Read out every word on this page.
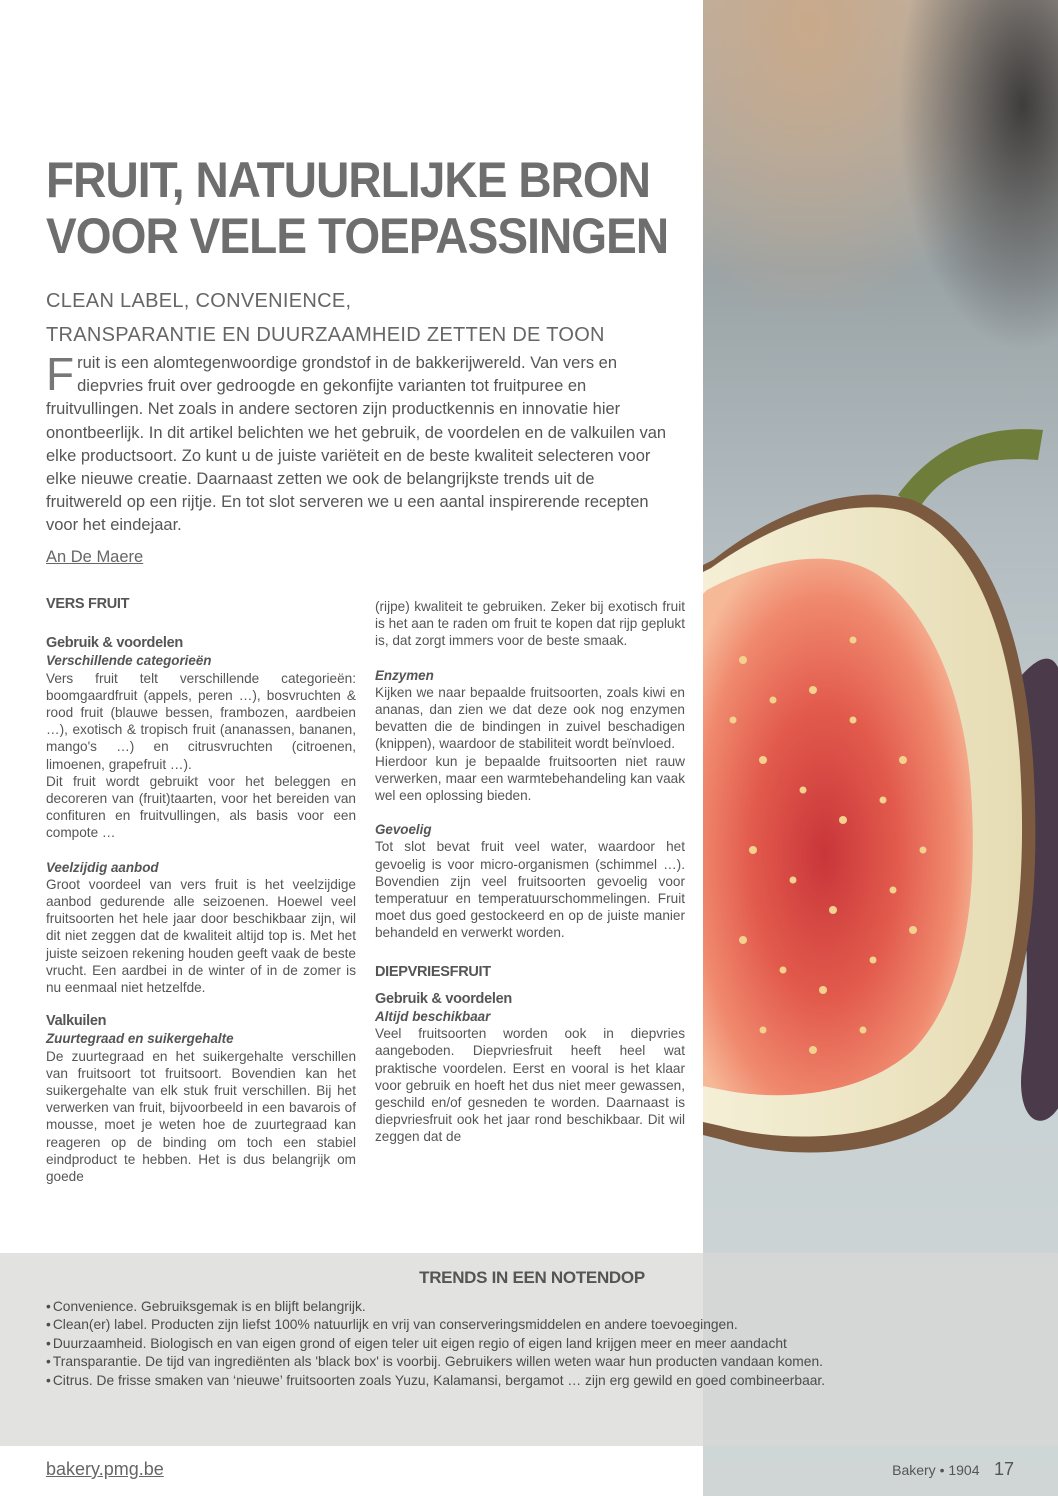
FRUIT, NATUURLIJKE BRON
VOOR VELE TOEPASSINGEN
CLEAN LABEL, CONVENIENCE,
TRANSPARANTIE EN DUURZAAMHEID ZETTEN DE TOON
F ruit is een alomtegenwoordige grondstof in de bakkerijwereld. Van vers en diepvries fruit over gedroogde en gekonfijte varianten tot fruitpuree en fruitvullingen. Net zoals in andere sectoren zijn productkennis en innovatie hier onontbeerlijk. In dit artikel belichten we het gebruik, de voordelen en de valkuilen van elke productsoort. Zo kunt u de juiste variëteit en de beste kwaliteit selecteren voor elke nieuwe creatie. Daarnaast zetten we ook de belangrijkste trends uit de fruitwereld op een rijtje. En tot slot serveren we u een aantal inspirerende recepten voor het eindejaar.
An De Maere
VERS FRUIT
Gebruik & voordelen
Verschillende categorieën

Vers fruit telt verschillende categorieën: boomgaardfruit (appels, peren …), bosvruchten & rood fruit (blauwe bessen, frambozen, aardbeien …), exotisch & tropisch fruit (ananassen, bananen, mango's …) en citrusvruchten (citroenen, limoenen, grapefruit …).

Dit fruit wordt gebruikt voor het beleggen en decoreren van (fruit)taarten, voor het bereiden van confituren en fruitvullingen, als basis voor een compote …

Veelzijdig aanbod

Groot voordeel van vers fruit is het veelzijdige aanbod gedurende alle seizoenen. Hoewel veel fruitsoorten het hele jaar door beschikbaar zijn, wil dit niet zeggen dat de kwaliteit altijd top is. Met het juiste seizoen rekening houden geeft vaak de beste vrucht. Een aardbei in de winter of in de zomer is nu eenmaal niet hetzelfde.

Valkuilen
Zuurtegraad en suikergehalte

De zuurtegraad en het suikergehalte verschillen van fruitsoort tot fruitsoort. Bovendien kan het suikergehalte van elk stuk fruit verschillen. Bij het verwerken van fruit, bijvoorbeeld in een bavarois of mousse, moet je weten hoe de zuurtegraad kan reageren op de binding om toch een stabiel eindproduct te hebben. Het is dus belangrijk om goede

(rijpe) kwaliteit te gebruiken. Zeker bij exotisch fruit is het aan te raden om fruit te kopen dat rijp geplukt is, dat zorgt immers voor de beste smaak.

Enzymen

Kijken we naar bepaalde fruitsoorten, zoals kiwi en ananas, dan zien we dat deze ook nog enzymen bevatten die de bindingen in zuivel beschadigen (knippen), waardoor de stabiliteit wordt beïnvloed.

Hierdoor kun je bepaalde fruitsoorten niet rauw verwerken, maar een warmtebehandeling kan vaak wel een oplossing bieden.

Gevoelig

Tot slot bevat fruit veel water, waardoor het gevoelig is voor micro-organismen (schimmel …). Bovendien zijn veel fruitsoorten gevoelig voor temperatuur en temperatuurschommelingen. Fruit moet dus goed gestockeerd en op de juiste manier behandeld en verwerkt worden.

DIEPVRIESFRUIT
Gebruik & voordelen
Altijd beschikbaar

Veel fruitsoorten worden ook in diepvries aangeboden. Diepvriesfruit heeft heel wat praktische voordelen. Eerst en vooral is het klaar voor gebruik en hoeft het dus niet meer gewassen, geschild en/of gesneden te worden. Daarnaast is diepvriesfruit ook het jaar rond beschikbaar. Dit wil zeggen dat de

TRENDS IN EEN NOTENDOP
• Convenience. Gebruiksgemak is en blijft belangrijk.
• Clean(er) label. Producten zijn liefst 100% natuurlijk en vrij van conserveringsmiddelen en andere toevoegingen.
• Duurzaamheid. Biologisch en van eigen grond of eigen teler uit eigen regio of eigen land krijgen meer en meer aandacht
• Transparantie. De tijd van ingrediënten als 'black box' is voorbij. Gebruikers willen weten waar hun producten vandaan komen.
• Citrus. De frisse smaken van ‘nieuwe’ fruitsoorten zoals Yuzu, Kalamansi, bergamot … zijn erg gewild en goed combineerbaar.
bakery.pmg.be	Bakery • 1904 17
